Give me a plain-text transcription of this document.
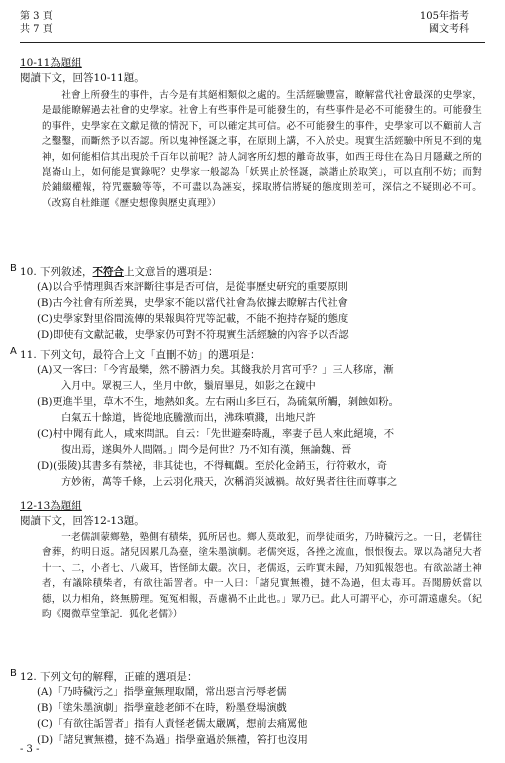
第 3 頁
共 7 頁
105年指考
國文考科
10-11為題組
閱讀下文，回答10-11題。

社會上所發生的事件，古今是有其絕相類似之處的。生活經驗豐富，瞭解當代社會最深的史學家，是最能瞭解過去社會的史學家。社會上有些事件是可能發生的，有些事件是必不可能發生的。可能發生的事件，史學家在文獻足徵的情況下，可以確定其可信。必不可能發生的事件，史學家可以不顧前人言之鑿鑿，而斷然予以否認。所以鬼神怪誕之事，在原則上講，不入於史。現實生活經驗中所見不到的鬼神，如何能相信其出現於千百年以前呢？詩人詞客所幻想的離奇故事，如西王母住在為日月隱藏之所的崑崙山上，如何能是實錄呢？史學家一般認為「妖異止於怪誕，談諧止於取笑」，可以直削不妨；而對於鋪綴權報，符咒靈驗等等，不可盡以為誣妄，採取將信將疑的態度則差可，深信之不疑則必不可。（改寫自杜維運《歷史想像與歷史真理》）

B 10. 下列敘述，不符合上文意旨的選項是：
(A)以合乎情理與否來評斷往事是否可信，是從事歷史研究的重要原則
(B)古今社會有所差異，史學家不能以當代社會為依據去瞭解古代社會
(C)史學家對里俗間流傳的果報與符咒等記載，不能不抱持存疑的態度
(D)即使有文獻記載，史學家仍可對不符現實生活經驗的內容予以否認
A 11. 下列文句，最符合上文「直刪不妨」的選項是：
(A)又一客曰：「今宵最樂，然不勝酒力矣。其餞我於月宮可乎？」三人移席，漸
入月中。眾視三人，坐月中飲，鬚眉畢見，如影之在鏡中
(B)更進半里，草木不生，地熱如炙。左右兩山多巨石，為硫氣所觸，剝蝕如粉。
白氣五十餘道，皆從地底騰激而出，沸珠噴濺，出地尺許
(C)村中聞有此人，咸來問訊。自云：「先世避秦時亂，率妻子邑人來此絕境，不
復出焉，遂與外人間隔。」問今是何世？乃不知有漢，無論魏、晉
(D)(張陵)其書多有禁祕，非其徒也，不得輒觀。至於化金銷玉，行符敕水，奇
方妙術，萬等千條，上云羽化飛天，次稱消災滅禍。故好異者往往而尊事之
12-13為題組
閱讀下文，回答12-13題。

一老儒訓蒙鄉塾，塾側有積柴，狐所居也。鄉人莫敢犯，而學徒頑劣，乃時穢污之。一日，老儒往會葬，約明日返。諸兒因累几為臺，塗朱墨演劇。老儒突返，各挫之流血，恨恨復去。眾以為諸兒大者十一、二，小者七、八歲耳，皆怪師太嚴。次日，老儒返，云昨實未歸，乃知狐報怨也。有欲訟諸土神者，有議除積柴者，有欲往詬詈者。中一人曰：「諸兒實無禮，撻不為過，但太毒耳。吾聞勝妖當以德，以力相角，終無勝理。冤冤相報，吾慮禍不止此也。」眾乃已。此人可謂平心，亦可謂遠慮矣。（紀昀《閱微草堂筆記．狐化老儒》）

B 12. 下列文句的解釋，正確的選項是：
(A)「乃時穢污之」指學童無理取鬧，常出惡言污辱老儒
(B)「塗朱墨演劇」指學童趁老師不在時，粉墨登場演戲
(C)「有欲往詬詈者」指有人責怪老儒太嚴厲，想前去痛罵他
(D)「諸兒實無禮，撻不為過」指學童過於無禮，笞打也沒用
- 3 -
